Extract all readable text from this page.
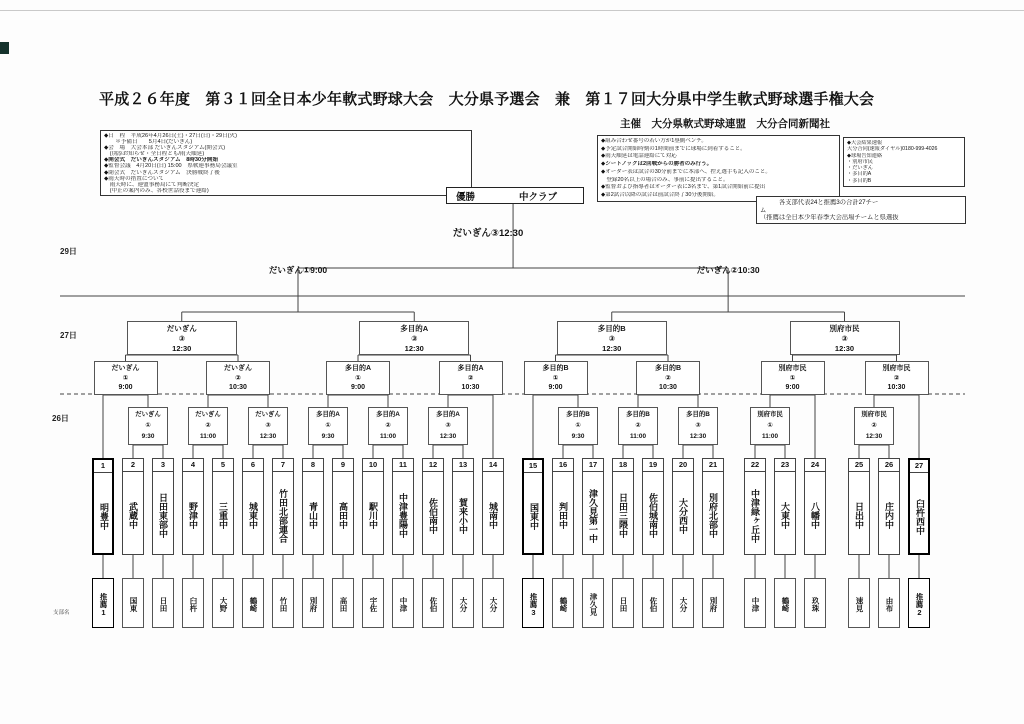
平成２６年度　第３１回全日本少年軟式野球大会　大分県予選会　兼　第１７回大分県中学生軟式野球選手権大会
主催　大分県軟式野球連盟　大分合同新聞社
◆日　程　平成26年4月26日(土)・27日(日)・29日(火)
　　＊予備日　　5月4日(だいぎん)
◆会　場　大会本部 だいぎんスタジアム(開会式)
　(別添お知らせ・全日程とも/雨天順延)
◆開会式　だいぎんスタジアム　8時30分開始
◆監督会議　4月20日(日) 15:00　県軟連事務局会議室
◆閉会式　だいぎんスタジアム　決勝戦終了後
◆雨天時の措置について
　雨天時に、連盟事務局にて判断決定
　(中止の案内のみ、各校世話役まで連絡)
◆組み合わせ番号の若い方が1塁側ベンチ。
◆予定試合開始時刻の1時間前までに球場に到着すること。
◆雨天順延は電話連絡にて対応
◆シートノックは2回戦からの勝者のみ行う。
◆オーダー表は試合の30分前までに本部へ、控え選手も記入のこと。
　登録20名以上の場合のみ、事前に提出すること。
◆監督および指導者はオーダー表に3名まで、第1試合開始前に提出
◆第2試合以降の試合は前試合終了30分後開始。
◆大会結果速報
大分合同(速報ダイヤル)0180-999-4026
◆球場告知連絡
・別府市民
・だいぎん
・多目的A
・多目的B
　　　各支部代表24と推薦3の合計27チー
ム
（推薦は全日本少年春季大会出場チームと県選抜
優勝	中クラブ
29日
27日
26日
支部名
だいぎん
①
9:30
だいぎん
②
11:00
だいぎん
③
12:30
多目的A
①
9:30
多目的A
②
11:00
多目的A
③
12:30
多目的B
①
9:30
多目的B
②
11:00
多目的B
③
12:30
別府市民
①
11:00
別府市民
②
12:30
だいぎん
①
9:00
だいぎん
②
10:30
多目的A
①
9:00
多目的A
②
10:30
多目的B
①
9:00
多目的B
②
10:30
別府市民
①
9:00
別府市民
②
10:30
だいぎん
③
12:30
多目的A
③
12:30
多目的B
③
12:30
別府市民
③
12:30
だいぎん①9:00	だいぎん②10:30
だいぎん③12:30
1
明豊中
推薦1
2
武蔵中
国東
3
日田東部中
日田
4
野津中
臼杵
5
三重中
大野
6
城東中
鶴崎
7
竹田北部連合
竹田
8
青山中
別府
9
高田中
高田
10
駅川中
宇佐
11
中津豊陽中
中津
12
佐伯南中
佐伯
13
賀来小中
大分
14
城南中
大分
15
国東中
推薦3
16
判田中
鶴崎
17
津久見第一中
津久見
18
日田三隈中
日田
19
佐伯城南中
佐伯
20
大分西中
大分
21
別府北部中
別府
22
中津緑ヶ丘中
中津
23
大東中
鶴崎
24
八幡中
玖珠
25
日出中
速見
26
庄内中
由布
27
臼杵西中
推薦2
